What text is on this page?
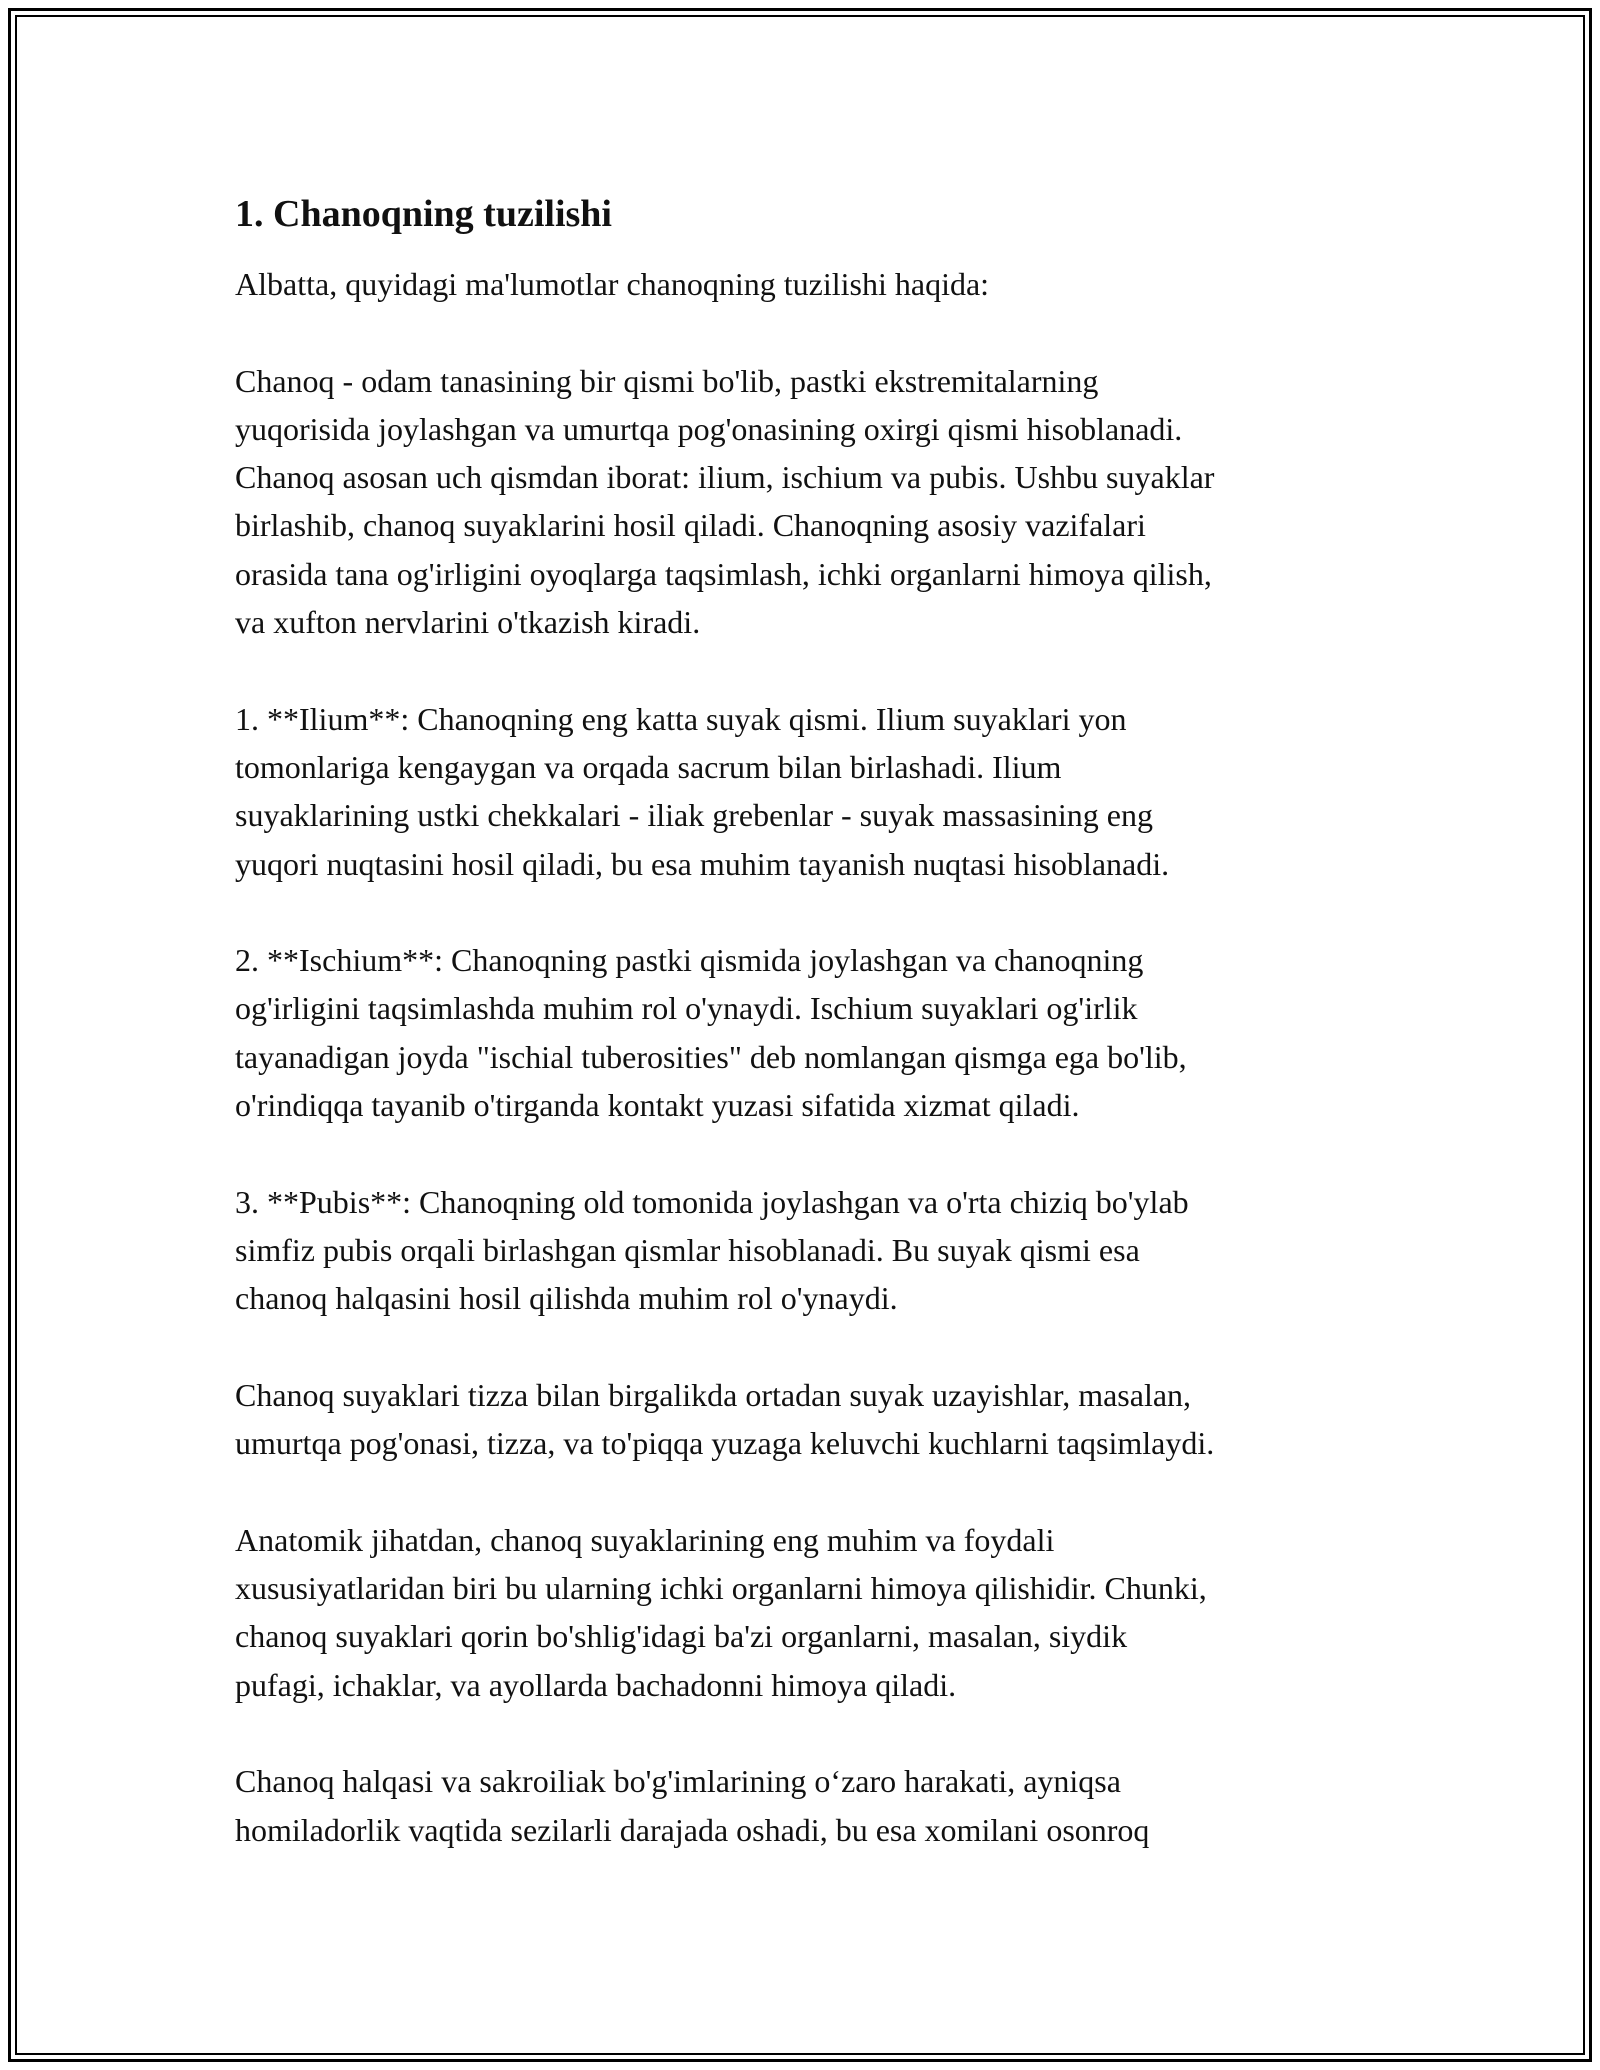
1. Chanoqning tuzilishi

Albatta, quyidagi ma'lumotlar chanoqning tuzilishi haqida:

Chanoq - odam tanasining bir qismi bo'lib, pastki ekstremitalarning
yuqorisida joylashgan va umurtqa pog'onasining oxirgi qismi hisoblanadi.
Chanoq asosan uch qismdan iborat: ilium, ischium va pubis. Ushbu suyaklar
birlashib, chanoq suyaklarini hosil qiladi. Chanoqning asosiy vazifalari
orasida tana og'irligini oyoqlarga taqsimlash, ichki organlarni himoya qilish,
va xufton nervlarini o'tkazish kiradi.

1. **Ilium**: Chanoqning eng katta suyak qismi. Ilium suyaklari yon
tomonlariga kengaygan va orqada sacrum bilan birlashadi. Ilium
suyaklarining ustki chekkalari - iliak grebenlar - suyak massasining eng
yuqori nuqtasini hosil qiladi, bu esa muhim tayanish nuqtasi hisoblanadi.

2. **Ischium**: Chanoqning pastki qismida joylashgan va chanoqning
og'irligini taqsimlashda muhim rol o'ynaydi. Ischium suyaklari og'irlik
tayanadigan joyda "ischial tuberosities" deb nomlangan qismga ega bo'lib,
o'rindiqqa tayanib o'tirganda kontakt yuzasi sifatida xizmat qiladi.

3. **Pubis**: Chanoqning old tomonida joylashgan va o'rta chiziq bo'ylab
simfiz pubis orqali birlashgan qismlar hisoblanadi. Bu suyak qismi esa
chanoq halqasini hosil qilishda muhim rol o'ynaydi.

Chanoq suyaklari tizza bilan birgalikda ortadan suyak uzayishlar, masalan,
umurtqa pog'onasi, tizza, va to'piqqa yuzaga keluvchi kuchlarni taqsimlaydi.

Anatomik jihatdan, chanoq suyaklarining eng muhim va foydali
xususiyatlaridan biri bu ularning ichki organlarni himoya qilishidir. Chunki,
chanoq suyaklari qorin bo'shlig'idagi ba'zi organlarni, masalan, siydik
pufagi, ichaklar, va ayollarda bachadonni himoya qiladi.

Chanoq halqasi va sakroiliak bo'g'imlarining o‘zaro harakati, ayniqsa
homiladorlik vaqtida sezilarli darajada oshadi, bu esa xomilani osonroq
